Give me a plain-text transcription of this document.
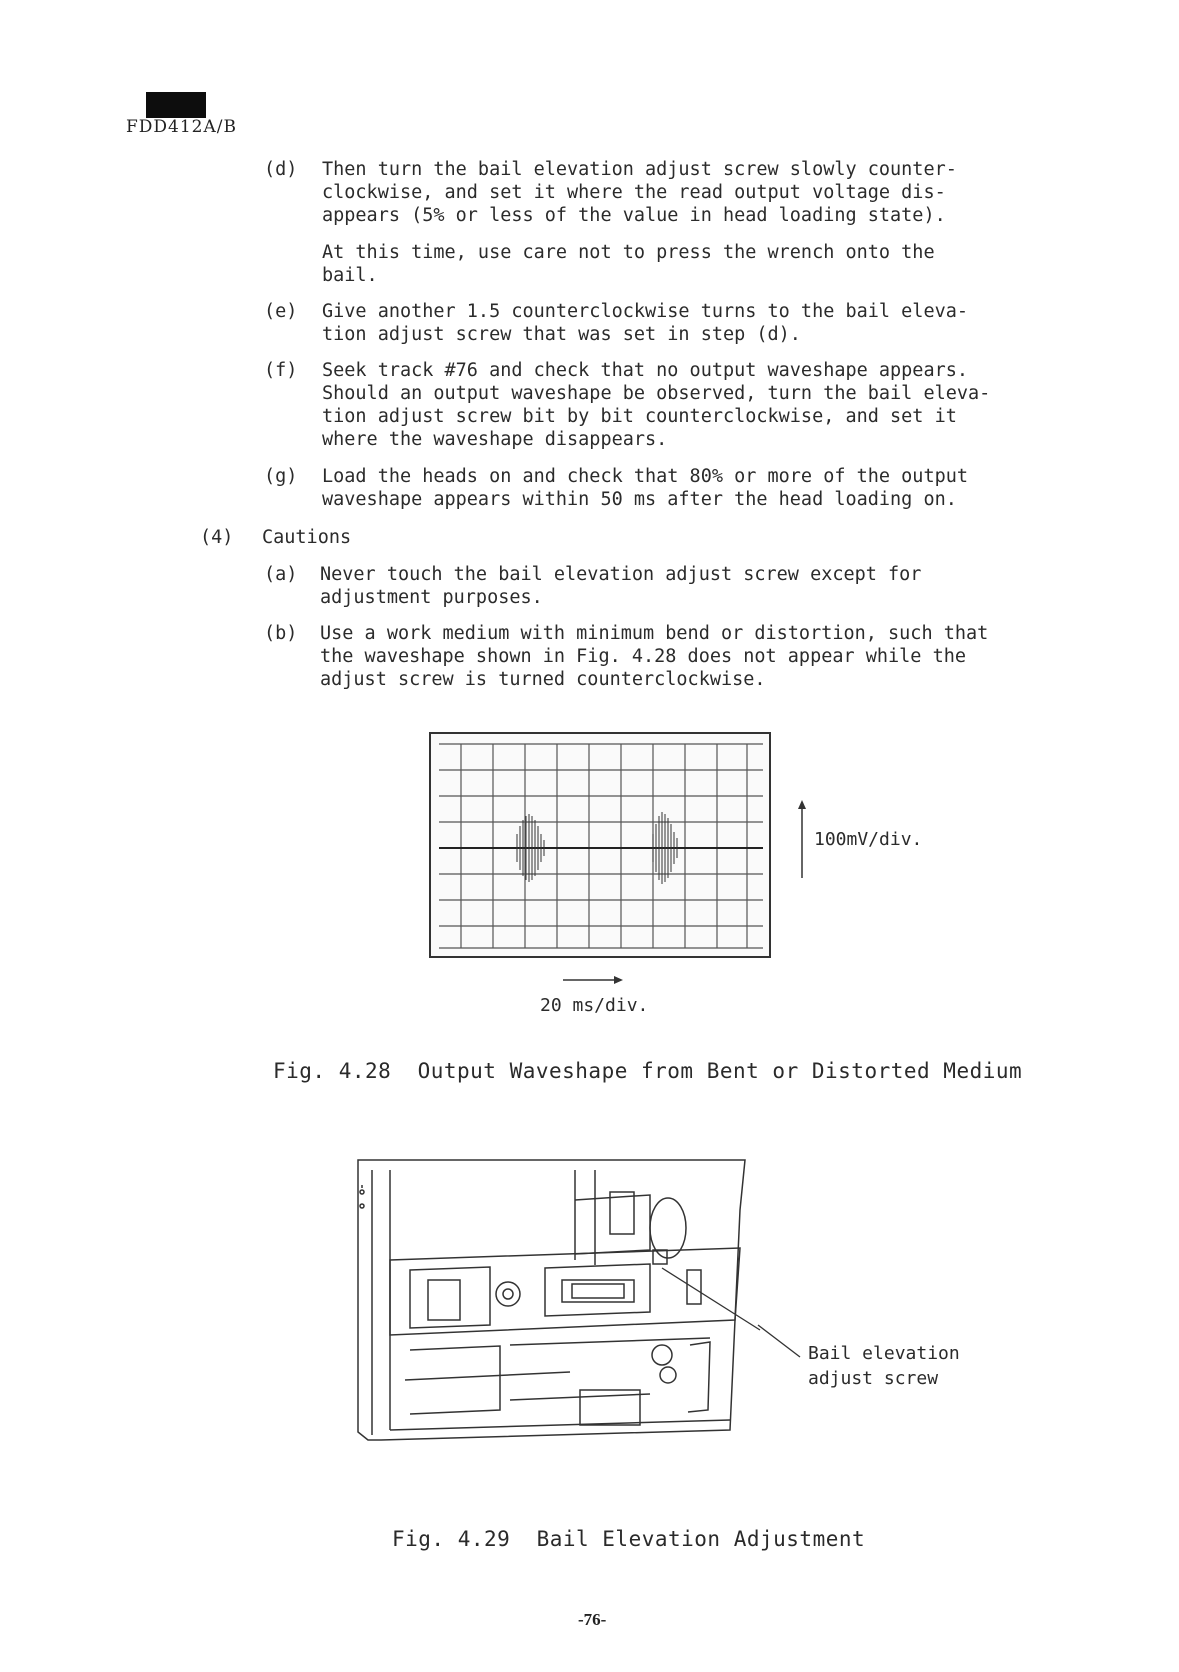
FDD412A/B
(d) Then turn the bail elevation adjust screw slowly counter-
clockwise, and set it where the read output voltage dis-
appears (5% or less of the value in head loading state).
At this time, use care not to press the wrench onto the
bail.
(e) Give another 1.5 counterclockwise turns to the bail eleva-
tion adjust screw that was set in step (d).
(f) Seek track #76 and check that no output waveshape appears.
Should an output waveshape be observed, turn the bail eleva-
tion adjust screw bit by bit counterclockwise, and set it
where the waveshape disappears.
(g) Load the heads on and check that 80% or more of the output
waveshape appears within 50 ms after the head loading on.
(4) Cautions
(a) Never touch the bail elevation adjust screw except for
adjustment purposes.
(b) Use a work medium with minimum bend or distortion, such that
the waveshape shown in Fig. 4.28 does not appear while the
adjust screw is turned counterclockwise.
100mV/div.
20 ms/div.
Fig. 4.28  Output Waveshape from Bent or Distorted Medium
Bail elevation
adjust screw
Fig. 4.29  Bail Elevation Adjustment
-76-
